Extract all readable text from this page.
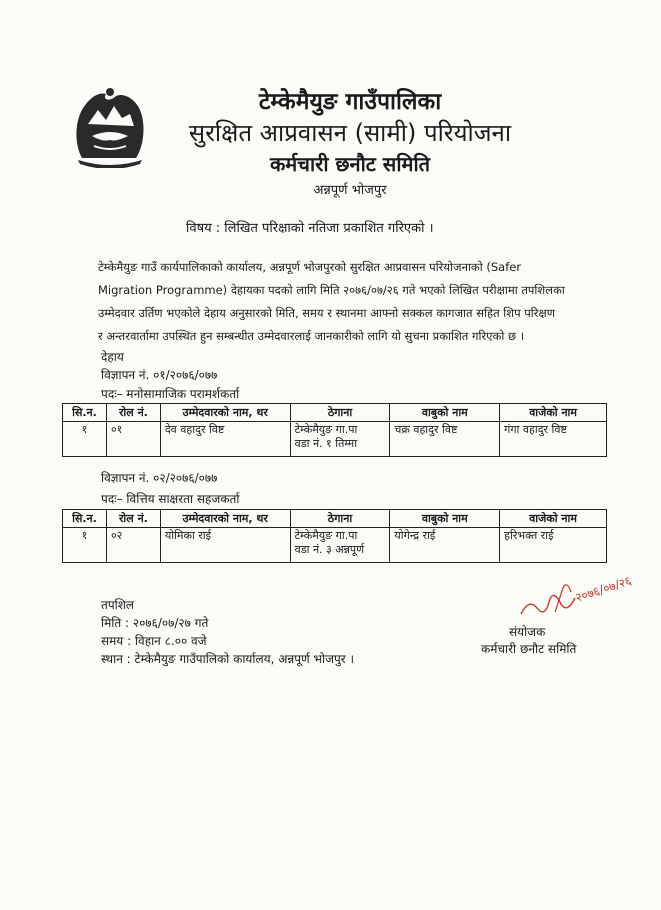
टेम्केमैयुङ गाउँपालिका
सुरक्षित आप्रवासन (सामी) परियोजना
कर्मचारी छनौट समिति
अन्नपूर्ण भोजपुर
विषय : लिखित परिक्षाको नतिजा प्रकाशित गरिएको ।
टेम्केमैयुङ गाउँ कार्यपालिकाको कार्यालय, अन्नपूर्ण भोजपुरको सुरक्षित आप्रवासन परियोजनाको (Safer
Migration Programme) देहायका पदको लागि मिति २०७६/०७/२६ गते भएको लिखित परीक्षामा तपशिलका
उम्मेदवार उर्तिण भएकोले देहाय अनुसारको मिति, समय र स्थानमा आफ्नो सक्कल कागजात सहित शिप परिक्षण
र अन्तरवार्तामा उपस्थित हुन सम्बन्धीत उम्मेदवारलाई जानकारीको लागि यो सुचना प्रकाशित गरिएको छ ।
देहाय
विज्ञापन नं. ०१/२०७६/०७७
पदः– मनोसामाजिक परामर्शकर्ता
सि.न.	रोल नं.	उम्मेदवारको नाम, थर	ठेगाना	वाबुको नाम	वाजेको नाम
१	०१	देव वहादुर विष्ट	टेम्केमैयुङ गा.पा
वडा नं. १ तिम्मा	चक्र वहादुर विष्ट	गंगा वहादुर विष्ट
विज्ञापन नं. ०२/२०७६/०७७
पदः– वित्तिय साक्षरता सहजकर्ता
सि.न.	रोल नं.	उम्मेदवारको नाम, थर	ठेगाना	वाबुको नाम	वाजेको नाम
१	०२	योमिका राई	टेम्केमैयुङ गा.पा
वडा नं. ३ अन्नपूर्ण	योगेन्द्र राई	हरिभक्त राई
तपशिल
मिति : २०७६/०७/२७ गते
समय : विहान ८.०० वजे
स्थान : टेम्केमैयुङ गाउँपालिको कार्यालय, अन्नपूर्ण भोजपुर ।
२०७६/०७/२६
संयोजक
कर्मचारी छनौट समिति
